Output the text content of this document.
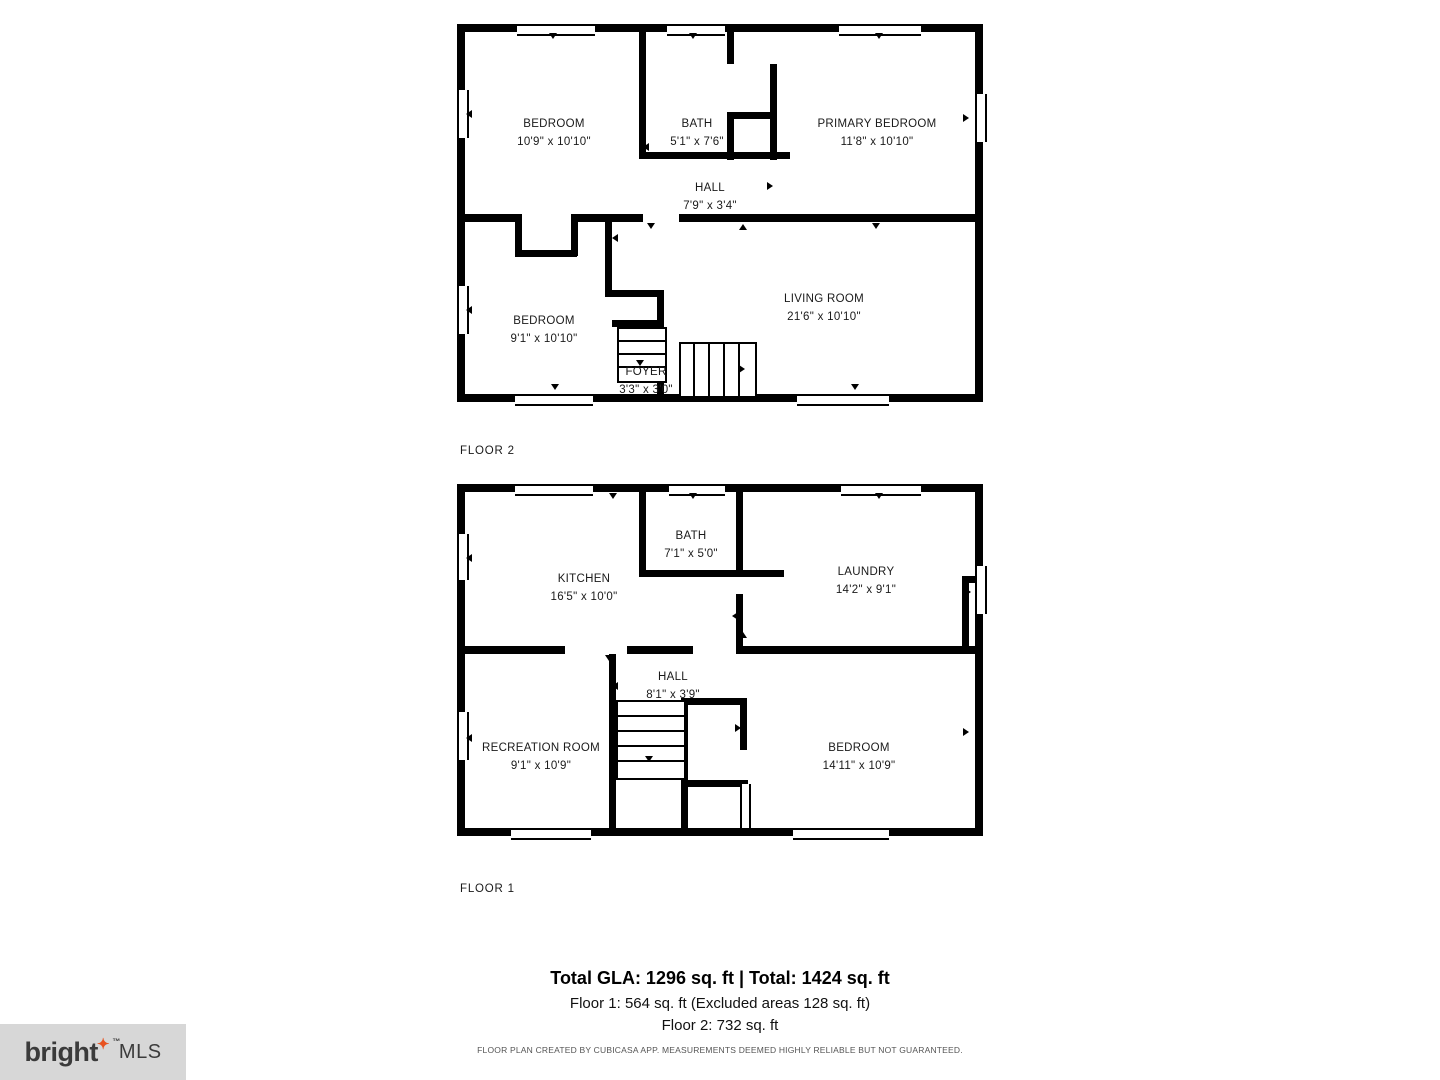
BEDROOM
10'9" x 10'10"
BATH
5'1" x 7'6"
PRIMARY BEDROOM
11'8" x 10'10"
HALL
7'9" x 3'4"
BEDROOM
9'1" x 10'10"
LIVING ROOM
21'6" x 10'10"
FOYER
3'3" x 3'0"
FLOOR 2
BATH
7'1" x 5'0"
KITCHEN
16'5" x 10'0"
LAUNDRY
14'2" x 9'1"
HALL
8'1" x 3'9"
RECREATION ROOM
9'1" x 10'9"
BEDROOM
14'11" x 10'9"
FLOOR 1
Total GLA: 1296 sq. ft | Total: 1424 sq. ft
Floor 1: 564 sq. ft (Excluded areas 128 sq. ft)
Floor 2: 732 sq. ft
FLOOR PLAN CREATED BY CUBICASA APP. MEASUREMENTS DEEMED HIGHLY RELIABLE BUT NOT GUARANTEED.
bright
✦ ™ MLS
